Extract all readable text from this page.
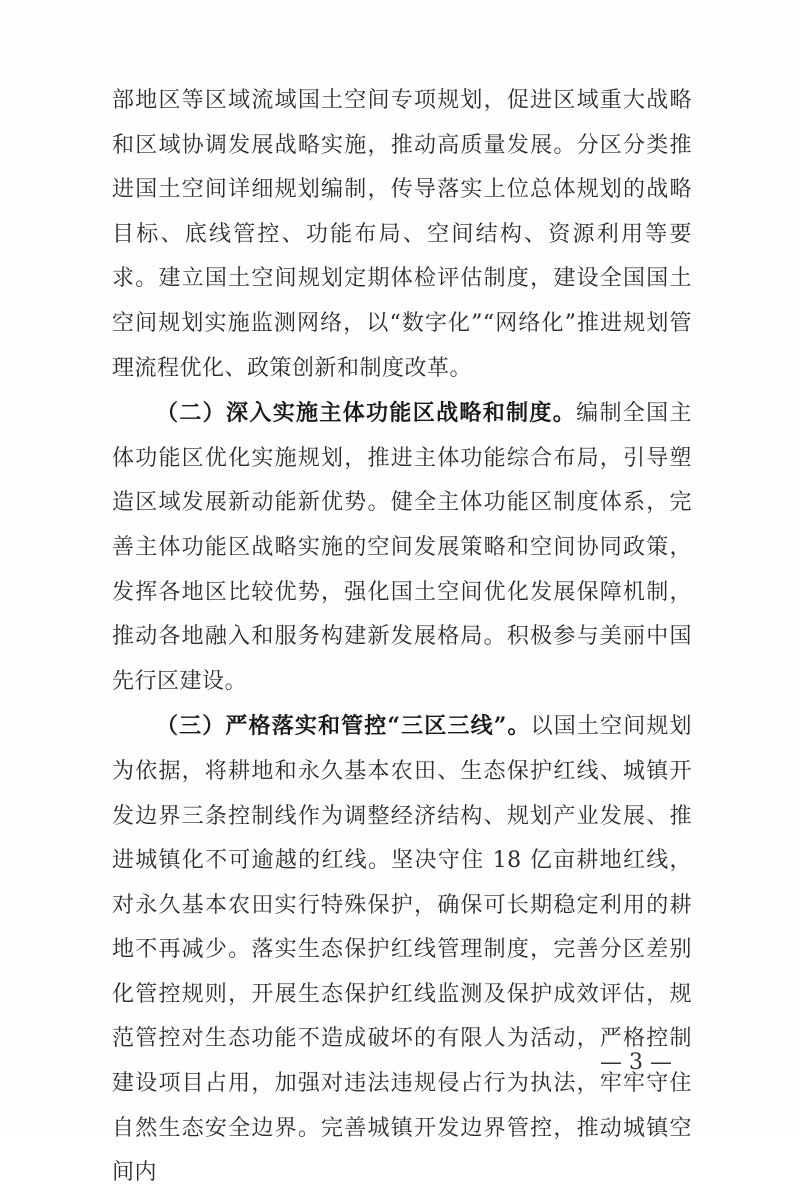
部地区等区域流域国土空间专项规划，促进区域重大战略和区域协调发展战略实施，推动高质量发展。分区分类推进国土空间详细规划编制，传导落实上位总体规划的战略目标、底线管控、功能布局、空间结构、资源利用等要求。建立国土空间规划定期体检评估制度，建设全国国土空间规划实施监测网络，以“数字化”“网络化”推进规划管理流程优化、政策创新和制度改革。

（二）深入实施主体功能区战略和制度。编制全国主体功能区优化实施规划，推进主体功能综合布局，引导塑造区域发展新动能新优势。健全主体功能区制度体系，完善主体功能区战略实施的空间发展策略和空间协同政策，发挥各地区比较优势，强化国土空间优化发展保障机制，推动各地融入和服务构建新发展格局。积极参与美丽中国先行区建设。

（三）严格落实和管控“三区三线”。以国土空间规划为依据，将耕地和永久基本农田、生态保护红线、城镇开发边界三条控制线作为调整经济结构、规划产业发展、推进城镇化不可逾越的红线。坚决守住 18 亿亩耕地红线，对永久基本农田实行特殊保护，确保可长期稳定利用的耕地不再减少。落实生态保护红线管理制度，完善分区差别化管控规则，开展生态保护红线监测及保护成效评估，规范管控对生态功能不造成破坏的有限人为活动，严格控制建设项目占用，加强对违法违规侵占行为执法，牢牢守住自然生态安全边界。完善城镇开发边界管控，推动城镇空间内

— 3 —
